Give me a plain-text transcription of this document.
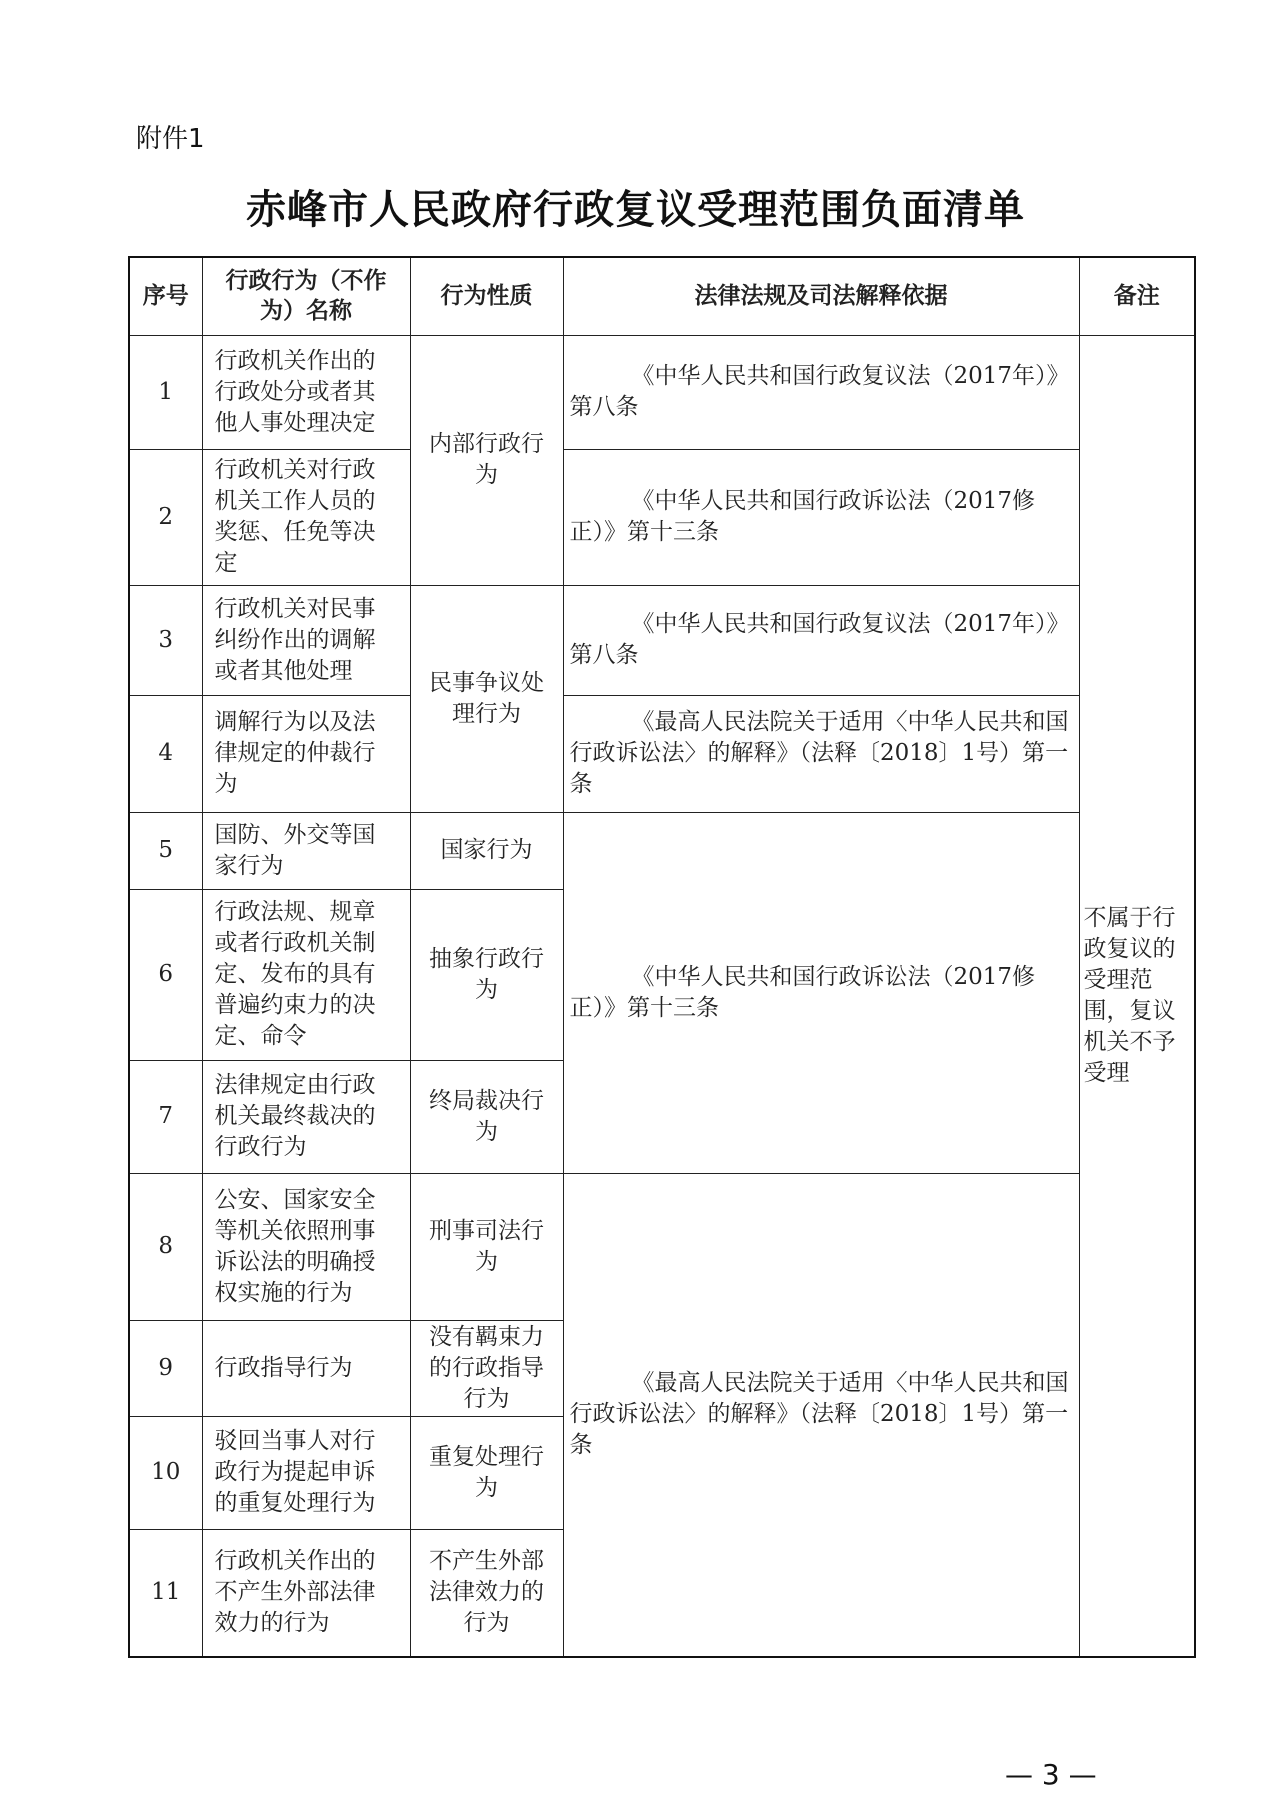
附件1
赤峰市人民政府行政复议受理范围负面清单
序号	行政行为（不作为）名称	行为性质	法律法规及司法解释依据	备注
1	行政机关作出的行政处分或者其他人事处理决定	内部行政行为	《中华人民共和国行政复议法（2017年）》第八条	不属于行政复议的受理范围，复议机关不予受理
2	行政机关对行政机关工作人员的奖惩、任免等决定		《中华人民共和国行政诉讼法（2017修正）》第十三条	
3	行政机关对民事纠纷作出的调解或者其他处理	民事争议处理行为	《中华人民共和国行政复议法（2017年）》第八条	
4	调解行为以及法律规定的仲裁行为		《最高人民法院关于适用〈中华人民共和国行政诉讼法〉的解释》（法释〔2018〕1号）第一条	
5	国防、外交等国家行为	国家行为	《中华人民共和国行政诉讼法（2017修正）》第十三条	
6	行政法规、规章或者行政机关制定、发布的具有普遍约束力的决定、命令	抽象行政行为		
7	法律规定由行政机关最终裁决的行政行为	终局裁决行为		
8	公安、国家安全等机关依照刑事诉讼法的明确授权实施的行为	刑事司法行为	《最高人民法院关于适用〈中华人民共和国行政诉讼法〉的解释》（法释〔2018〕1号）第一条	
9	行政指导行为	没有羁束力的行政指导行为		
10	驳回当事人对行政行为提起申诉的重复处理行为	重复处理行为		
11	行政机关作出的不产生外部法律效力的行为	不产生外部法律效力的行为		
— 3 —
